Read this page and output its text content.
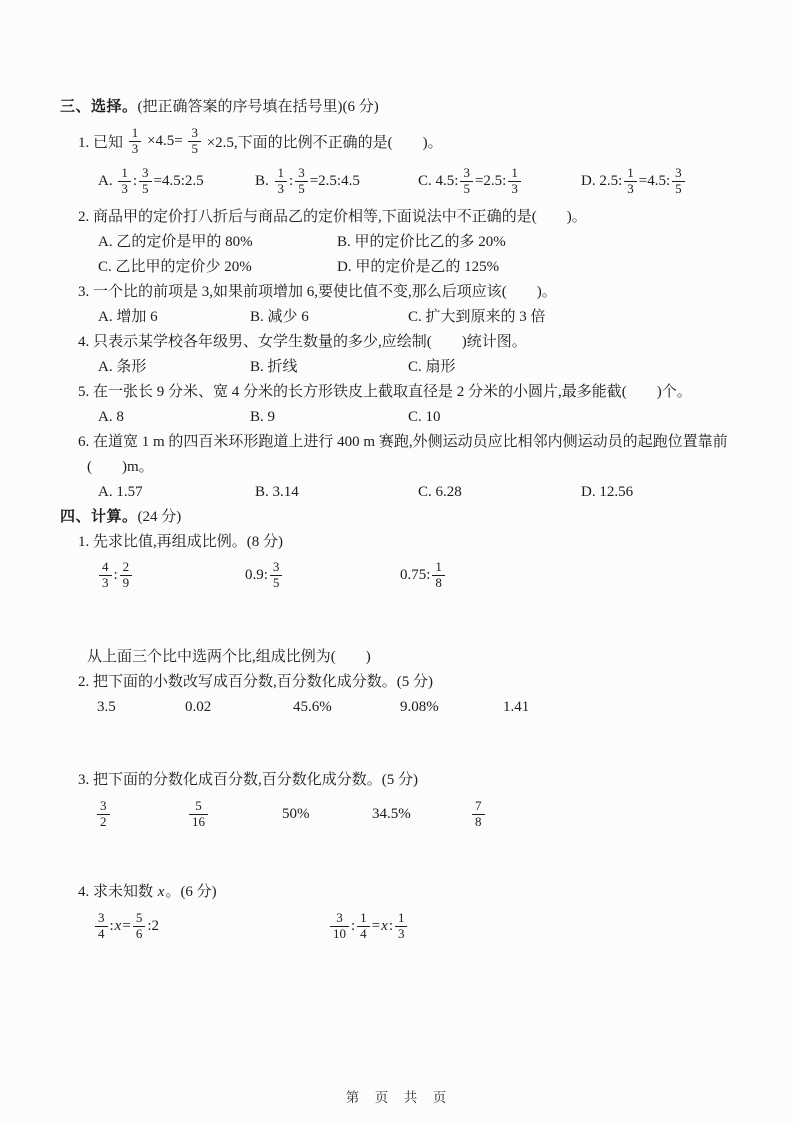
三、选择。(把正确答案的序号填在括号里)(6 分)
1. 已知 $\frac{1}{3} \times 4.5= \frac{3}{5} \times 2.5$,下面的比例不正确的是(　　)。
A. $\frac{1}{3}$ : $\frac{3}{5}$ =4.5:2.5	B. $\frac{1}{3}$ : $\frac{3}{5}$ =2.5:4.5	C. 4.5: $\frac{3}{5} =2.5$: $\frac{1}{3}$	D. 2.5: $\frac{1}{3} =4.5$: $\frac{3}{5}$
2. 商品甲的定价打八折后与商品乙的定价相等,下面说法中不正确的是(　　)。
A. 乙的定价是甲的 80%	B. 甲的定价比乙的多 20%
C. 乙比甲的定价少 20%	D. 甲的定价是乙的 125%
3. 一个比的前项是 3,如果前项增加 6,要使比值不变,那么后项应该(　　)。
A. 增加 6	B. 减少 6	C. 扩大到原来的 3 倍
4. 只表示某学校各年级男、女学生数量的多少,应绘制(　　)统计图。
A. 条形	B. 折线	C. 扇形
5. 在一张长 9 分米、宽 4 分米的长方形铁皮上截取直径是 2 分米的小圆片,最多能截(　　)个。
A. 8	B. 9	C. 10
6. 在道宽 1 m 的四百米环形跑道上进行 400 m 赛跑,外侧运动员应比相邻内侧运动员的起跑位置靠前
(　　)m。
A. 1.57	B. 3.14	C. 6.28	D. 12.56
四、计算。(24 分)
1. 先求比值,再组成比例。(8 分)
$\frac{4}{3}$ : $\frac{2}{9}$	0.9: $\frac{3}{5}$	0.75: $\frac{1}{8}$
从上面三个比中选两个比,组成比例为(　　)
2. 把下面的小数改写成百分数,百分数化成分数。(5 分)
3.5	0.02	45.6%	9.08%	1.41
3. 把下面的分数化成百分数,百分数化成分数。(5 分)
$\frac{3}{2}$	$\frac{5}{16}$	50%	34.5%	$\frac{7}{8}$
4. 求未知数 x 。(6 分)
$\frac{3}{4}$ : $x = \frac{5}{6}$ :2	$\frac{3}{10}$ : $\frac{1}{4} = x$ : $\frac{1}{3}$
第　页　共　页
